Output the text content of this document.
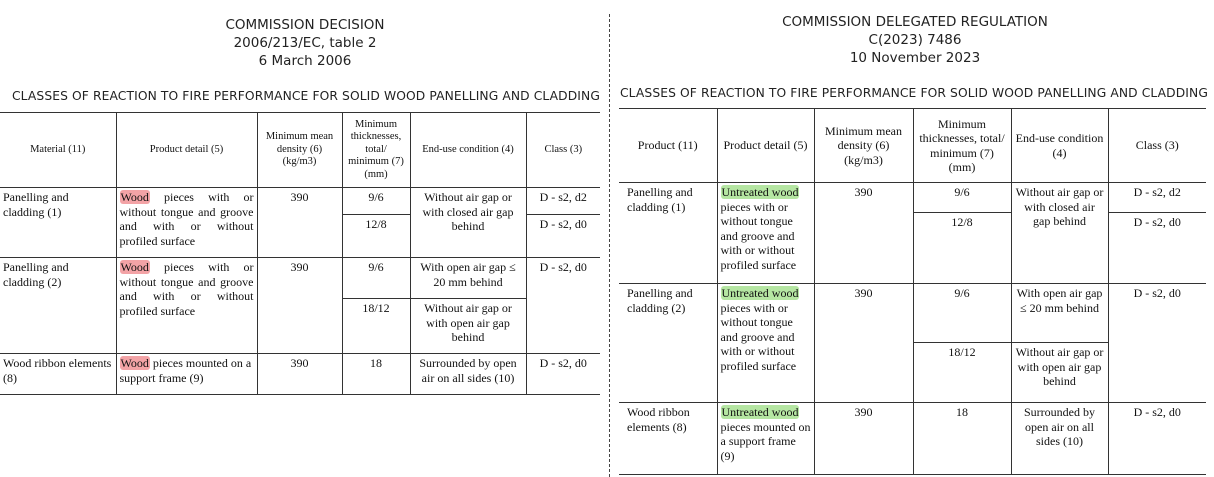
COMMISSION DECISION
2006/213/EC, table 2
6 March 2006
CLASSES OF REACTION TO FIRE PERFORMANCE FOR SOLID WOOD PANELLING AND CLADDING
Material (11)	Product detail (5)	Minimum mean density (6) (kg/m3)	Minimum thicknesses, total/ minimum (7) (mm)	End-use condition (4)	Class (3)
Panelling and cladding (1)	Wood pieces with or without tongue and groove and with or without profiled surface	390	9/6	Without air gap or with closed air gap behind	D - s2, d2
			12/8		D - s2, d0
Panelling and cladding (2)	Wood pieces with or without tongue and groove and with or without profiled surface	390	9/6	With open air gap ≤ 20 mm behind	D - s2, d0
			18/12	Without air gap or with open air gap behind	
Wood ribbon elements (8)	Wood pieces mounted on a support frame (9)	390	18	Surrounded by open air on all sides (10)	D - s2, d0
COMMISSION DELEGATED REGULATION
C(2023) 7486
10 November 2023
CLASSES OF REACTION TO FIRE PERFORMANCE FOR SOLID WOOD PANELLING AND CLADDING
Product (11)	Product detail (5)	Minimum mean density (6) (kg/m3)	Minimum thicknesses, total/ minimum (7) (mm)	End-use condition (4)	Class (3)
Panelling and cladding (1)	Untreated wood pieces with or without tongue and groove and with or without profiled surface	390	9/6	Without air gap or with closed air gap behind	D - s2, d2
			12/8		D - s2, d0
Panelling and cladding (2)	Untreated wood pieces with or without tongue and groove and with or without profiled surface	390	9/6	With open air gap ≤ 20 mm behind	D - s2, d0
			18/12	Without air gap or with open air gap behind	
Wood ribbon elements (8)	Untreated wood pieces mounted on a support frame (9)	390	18	Surrounded by open air on all sides (10)	D - s2, d0
